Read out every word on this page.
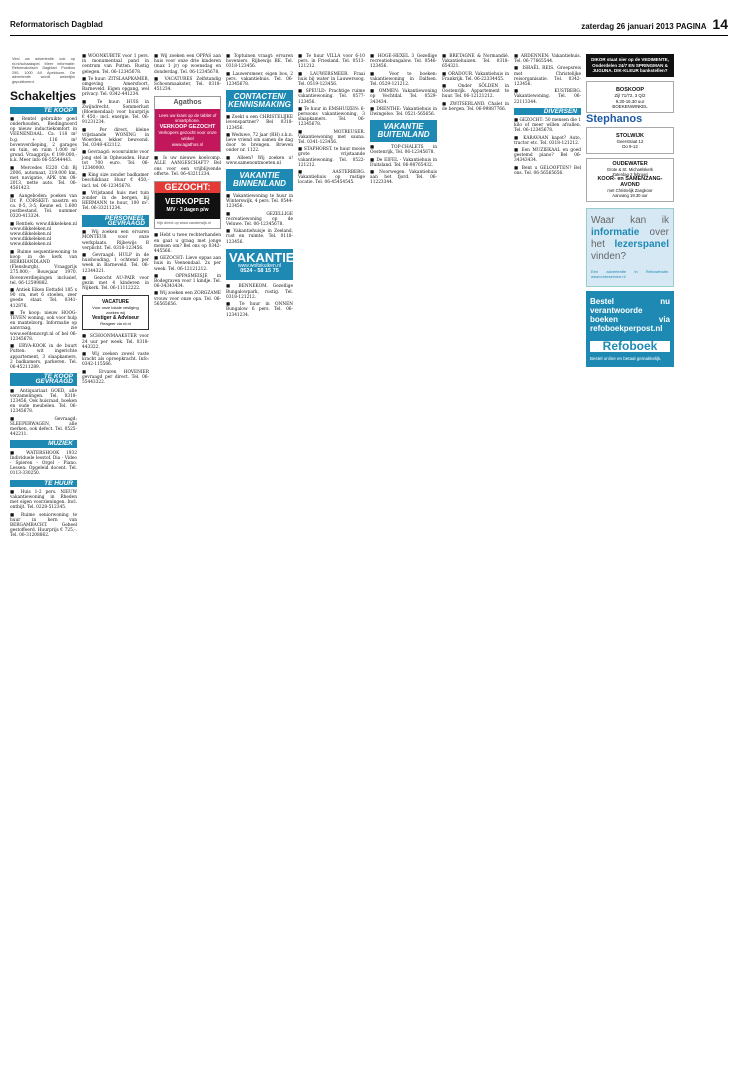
Reformatorisch Dagblad	zaterdag 26 januari 2013 PAGINA 14
Vind uw advertentie ook op rd.nl/schaakspel. Meer informatie: Reformatorisch Dagblad Postbus 290, 1000 AX Apeldoorn. De advertentie wordt wekelijks gepubliceerd.
Schakeltjes
TE KOOP

■ Rentel gebruikte goed onderhouden, Biedingnoord op nieuw inductiekomfort in VEENENDAAL. Ca. 118 m² b.g. + 116 m² bovenverdieping, 2 garages en tuin, en ruim 1.000 m² grond. Vraagprijs: € 199.000,- k.k. Meer info 06-55544443.

■ Mercedes E220 Cdi Bj 2006, automaat, 219.000 km, met navigatie, APK t/m 08-2013, nette auto. Tel. 06-4561423.

■ Aangeboden: poeken van Dr. P. CORSKET: nasstrn en ca. 0-5, 3-5, Keune ed. 1.600 postbestand. Tel. nummer 0320-413324.

■ Rentiek: www.dikkeleken.nl www.dikkeleken.nl www.dikkeleken.nl www.dikkeleken.nl www.dikkeleken.nl

■ Ruime sequentiewoning te koop in de kerk van BERKHANDLAND (Flensburgh). Vraagprijs 275.000,- Bouwjaar 1970. Bovenverdiepingen inclusief, tel. 06-12599882.

■ Antiek Eiken Eettafel 185 x 90 cm, met 6 stoelen, zeer goede staat. Tel. 0341-412876.

■ Te koop: nieuw HOOG-TEVEN woning, ook voor hulp en mantelzorg. Informatie op aanvraag, zie www.eefdenzorgt.nl of bel 06-12345678.

■ ERVA-KOOK in de buurt Putten: wit ingerichte appartement, 3 slaapkamers, 2 badkamers, parkeren. Tel. 06-45211289.

TE KOOP GEVRAAGD

■ Antiquariaat GOED, alle verzamelingen. Tel. 0318-123456, Ook huisraad, boeken en oude meubelen. Tel. 06-12345678.

■ Gevraagd: SLEEPERWAGEN, alle merken, ook defect. Tel. 0525-442211.

MUZIEK

■ WATERSHOOK 1932 Individuele lesstof. Dia - Video - Spieren - Orgel - Piano. Lessen: Opgeleid docent. Tel. 0113-330250.

TE HUUR

■ Huis 1-2 pers. NIEUW vakantiewoning in Rheden met eigen voorzieningen. Incl. ontbijt. Tel. 0228-512345.

■ Ruime seniorwoning te huur in kern van BERGAMBACHT. Geheel gestoffeerd. Huurprijs € 725,-. Tel. 06-31208862.

■ WOONKUBITE voor 1 pers. in monumentaal pand in centrum van Putten. Rustig gelegen. Tel. 06-12345678.

■ Te huur: ZITSLAAPKAMER, omgeving Amersfoort, Barneveld. Eigen opgang, wel privacy. Tel. 0342-441234.

■ Te huur: HUIS in Zwijndrecht, Sommerlust (Bloemendaal) voor huurprijs € 450,- incl. energie. Tel. 06-91231234.

■ Per direct, kleine vrijstaande WONING in Woerden, lekker bewoond. Tel. 0348-432112.

■ Gevraagd: woonruimte voor jong stel in Opheusden. Huur tot 700 euro. Tel. 06-12340000.

■ King size zonder badkamer beschikbaar. Huur € 450,- incl. tel. 06-12345678.

■ Vrijstaand huis met tuin zonder in de bergen, bij HERMANN te huur, 100 m². Tel. 06-33211234.

PERSONEEL GEVRAAGD

■ Wij zoeken een ervaren MONTEUR voor onze werkplaats. Rijbewijs B verplicht. Tel. 0318-123456.

■ Gevraagd: HULP in de huishouding, 1 ochtend per week in Barneveld. Tel. 06-12344321.

■ Gezocht AU-PAIR voor gezin met 4 kinderen in Nijkerk. Tel. 06-11112222.

VACATURE
Voor onze lokale vestiging zoeken wij
Vestiger & Adviseur
Reageer via rd.nl

■ SCHOONMAAKSTER voor 24 uur per week. Tel. 0318-443322.

■ Wij zoeken zowel vaste kracht als oproepkracht. Info: 0342-115566.

■ Ervaren HOVENIER gevraagd per direct. Tel. 06-55443322.

■ Wij zoeken een OPPAS aan huis voor onze drie kinderen (max 1 jr) op woensdag en donderdag. Tel. 06-12345678.

■ VACATURES Zelfstandig Schoonmaakster, Tel. 0318-451234.

Agathos
Lees uw krant op de tablet of smartphone.
VERKOOP GEZOCHT
Verkopers gezocht voor onze winkel
www.agathos.nl

■ Is uw nieuwe koelcomp. ALLE AANGESCHAFT? Bel ons voor een vrijblijvende offerte. Tel. 06-43211234.

GEZOCHT:
VERKOPER
M/V · 3 dagen p/w
Kijk direct op www.vanderwijk.nl

■ Hebt u twee rechterhanden en gaat u graag met jonge mensen om? Bel ons op 0342-445566.

■ GEZOCHT: Lieve oppas aan huis in Veenendaal. 2x per week. Tel. 06-12121212.

■ OPPASMEISJE in Bodegraven voor 1 kindje. Tel. 06-34343434.

■ Wij zoeken een ZORGZAME vrouw voor onze opa. Tel. 06-56565656.

■ Toptuinen vraagt: ervaren hoveniers. Rijbewijs BE. Tel. 0318-123456.

■ Lauwersmeer, eigen bos, 2 pers. vakantiehuis. Tel. 06-12345678.

CONTACTEN/ KENNISMAKING

■ Zoekt u een CHRISTELIJKE levenspartner? Bel 0318-123456.

■ Weduwe, 72 jaar (RH) z.k.n. lieve vriend om samen de dag door te brengen. Brieven onder nr. 1122.

■ Alleen? Wij zoeken u! www.samenontmoeten.nl

VAKANTIE BINNENLAND

■ Vakantiewoning te huur in Winterswijk, 4 pers. Tel. 0544-123456.

■ GEZELLIGE recreatiewoning op de Veluwe. Tel. 06-12345678.

■ Vakantiehuisje in Zeeland, rust en ruimte. Tel. 0118-123456.

VAKANTIE?
www.woltskuiken.nl
0524 - 58 15 75

■ BENNEKOM. Gezellige Bungalowpark, rustig. Tel. 0318-121212.

■ Te huur in ONNEN Bungalow 6 pers. Tel. 06-12341234.

■ Te huur VILLA voor 6-10 pers. in Friesland. Tel. 0513-121212.

■ LAUWERSMEER. Fraai huis bij water in Lauwersoog. Tel. 0519-123456.

■ SPEULD: Prachtige ruime vakantiewoning. Tel. 0577-123456.

■ Te huur in EMSHUIZEN: 6-persoons vakantiewoning, 3 slaapkamers. Tel. 06-12345678.

■ MOTREUSER. Vakantiewoning met sauna. Tel. 0341-123456.

■ STAPHORST. te huur mooie grote vrijstaande vakantiewoning. Tel. 0522-121212.

■ AASTERBERG. Vakantiehuis op rustige locatie. Tel. 06-45454545.

■ HOGE-HEXEL 3 Gezellige recreatiebungalow. Tel. 0546-123456.

■ Voor te boeken: vakantiewoning in Dalfsen. Tel. 0529-121212.

■ OMMEN: Vakantiewoning op Vechtdal. Tel. 0529-343434.

■ DRENTHE: Vakantiehuis in Dwingeloo. Tel. 0521-565656.

VAKANTIE BUITENLAND

■ TOP-CHALETS in Oostenrijk, Tel. 06-12345678.

■ De EIFEL - Vakantiehuis in Duitsland. Tel. 06-98765432.

■ Noorwegen. Vakantiehuis aan het fjord. Tel. 06-11223344.

■ BRETAGNE & Normandië. Vakantiehuizen. Tel. 0318-654321.

■ ORADOUR. Vakantiehuis in Frankrijk. Tel. 06-22334455.

■ Onder SÖLDEN in Oostenrijk. Appartement te huur. Tel. 06-12121212.

■ ZWITSERLAND. Chalet in de bergen. Tel. 06-99887766.

■ ARDENNEN: Vakantiehuis. Tel. 06-77665544.

■ ISRAËL REIS. Groepsreis met Christelijke reisorganisatie. Tel. 0342-123456.

■ KUSTBERG. Vakantiewoning. Tel. 06-22113344.

DIVERSEN

■ GEZOCHT: 50 mensen die 1 kilo of meer willen afvallen. Tel. 06-12345678.

■ KARAVAAN kapot? Auto, tractor etc. Tel. 0318-121212.

■ Een MUZIEKAAL en goed gestemd piano? Bel 06-34343434.

■ Bent u GELOOFTEN? Bel ons. Tel. 06-56565656.

DIKOR staat nier op de VEDIMENTE, Onderdelen 24/7 EN SPRINGMAN & JUGUNA. DIK-KLEUR bankstellen?
BOSKOOP
Zijl 71/72, 3 Q/2
9.30-16.30 uur
BOEKENWINKEL
Stephanos
STOLWIJK
Geerstraat 12
Do 9-12
OUDEWATER
Grote & St. Michaëlskerk
Zaterdag 2 februari
KOOR- en SAMENZANG-AVOND
met Christelijk Zangkoor
Aanvang 19.30 uur
Waar kan ik informatie over het lezerspanel vinden?
Een advertentie in Refowebsite: www.erdeservice.nl
Bestel nu verantwoorde boeken via refoboekperpost.nl
Refoboek
Bestel online en betaal gemakkelijk.
